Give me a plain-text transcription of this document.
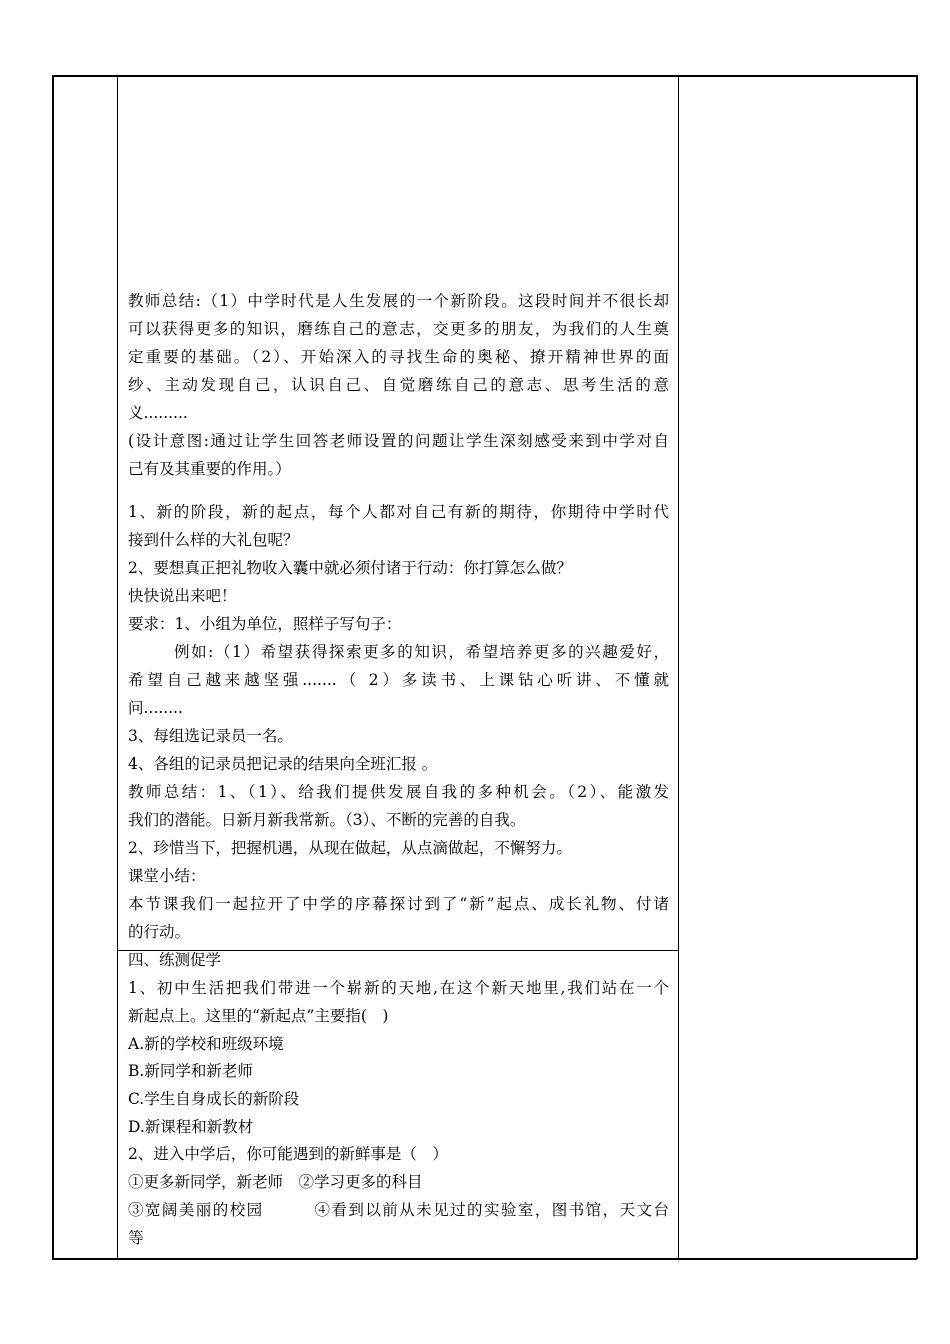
教师总结:（1）中学时代是人生发展的一个新阶段。这段时间并不很长却
可以获得更多的知识，磨练自己的意志，交更多的朋友，为我们的人生奠
定重要的基础。（2）、开始深入的寻找生命的奥秘、撩开精神世界的面
纱、主动发现自己，认识自己、自觉磨练自己的意志、思考生活的意
义.........
(设计意图:通过让学生回答老师设置的问题让学生深刻感受来到中学对自
己有及其重要的作用。）
1、新的阶段，新的起点，每个人都对自己有新的期待，你期待中学时代
接到什么样的大礼包呢？
2、要想真正把礼物收入囊中就必须付诸于行动：你打算怎么做？
快快说出来吧！
要求：1、小组为单位，照样子写句子：
例如:（1）希望获得探索更多的知识，希望培养更多的兴趣爱好，
希望自己越来越坚强.......（ 2）多读书、上课钻心听讲、不懂就
问........
3、每组选记录员一名。
4、各组的记录员把记录的结果向全班汇报 。
教师总结：1、（1）、给我们提供发展自我的多种机会。（2）、能激发
我们的潜能。日新月新我常新。（3）、不断的完善的自我。
2、珍惜当下，把握机遇，从现在做起，从点滴做起，不懈努力。
课堂小结：
本节课我们一起拉开了中学的序幕探讨到了“新”起点、成长礼物、付诸
的行动。
四、练测促学
1、初中生活把我们带进一个崭新的天地,在这个新天地里,我们站在一个
新起点上。这里的“新起点”主要指(　)
A.新的学校和班级环境
B.新同学和新老师
C.学生自身成长的新阶段
D.新课程和新教材
2、进入中学后，你可能遇到的新鲜事是（　）
①更多新同学，新老师　②学习更多的科目
③宽阔美丽的校园　　　④看到以前从未见过的实验室，图书馆，天文台
等
